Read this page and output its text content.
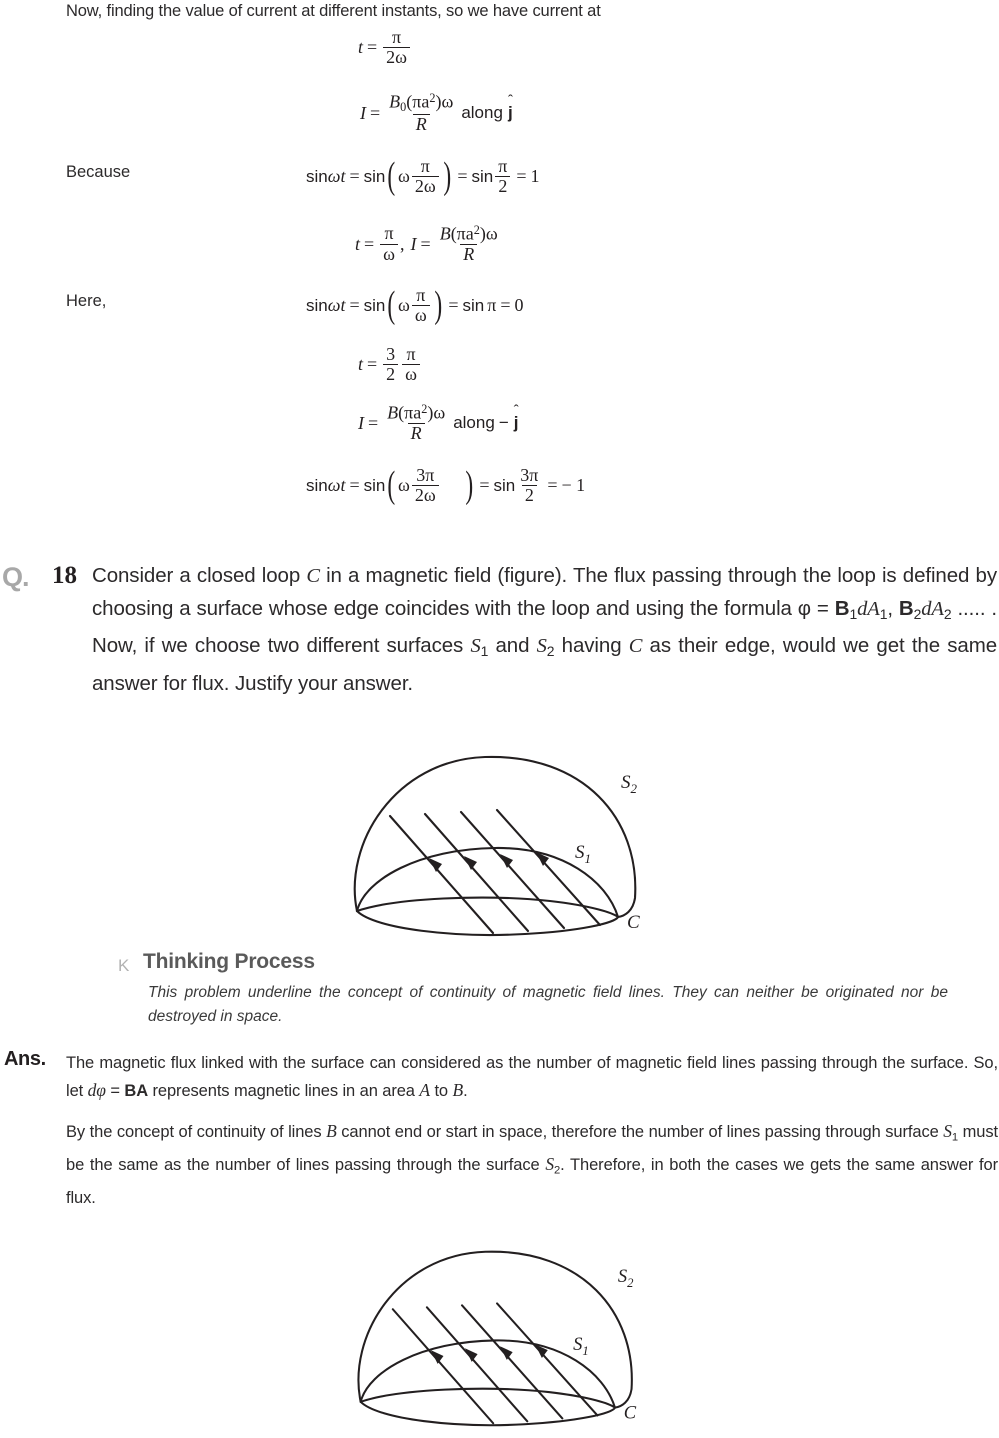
Now, finding the value of current at different instants, so we have current at
$t = \frac{\pi}{2\omega}$
$I = \frac{B_0(\pi a^2)\omega}{R}$ along ˆ j
Because	sin ωt = sin ( ω $\frac{\pi}{2\omega}$ ) = $\sin \frac{\pi}{2} = 1$
$t = \frac{\pi}{\omega}$ , $I = \frac{B(\pi a^2)\omega}{R}$
Here,	sin ωt = sin ( ω $\frac{\pi}{\omega}$ ) = sin π = 0
$t = \frac{3}{2} \frac{\pi}{\omega}$
$I = \frac{B(\pi a^2)\omega}{R}$ along − ˆ j
sin ωt = sin ( ω $\frac{3\pi}{2\omega}$ ) = $\sin \frac{3\pi}{2}$ = − 1
Q. 18 Consider a closed loop C in a magnetic field (figure). The flux passing through the loop is defined by choosing a surface whose edge coincides with the loop and using the formula $\varphi = B_1dA_1$, $B_2dA_2$ ..... . Now, if we choose two different surfaces $S_1$ and $S_2$ having C as their edge, would we get the same answer for flux. Justify your answer.
$S_2$
$S_1$
C
K Thinking Process
This problem underline the concept of continuity of magnetic field lines. They can neither be originated nor be destroyed in space.
Ans. The magnetic flux linked with the surface can considered as the number of magnetic field lines passing through the surface. So, let dφ = BA represents magnetic lines in an area A to B.

By the concept of continuity of lines B cannot end or start in space, therefore the number of lines passing through surface $S_1$ must be the same as the number of lines passing through the surface $S_2$. Therefore, in both the cases we gets the same answer for flux.

$S_2$
$S_1$
C
